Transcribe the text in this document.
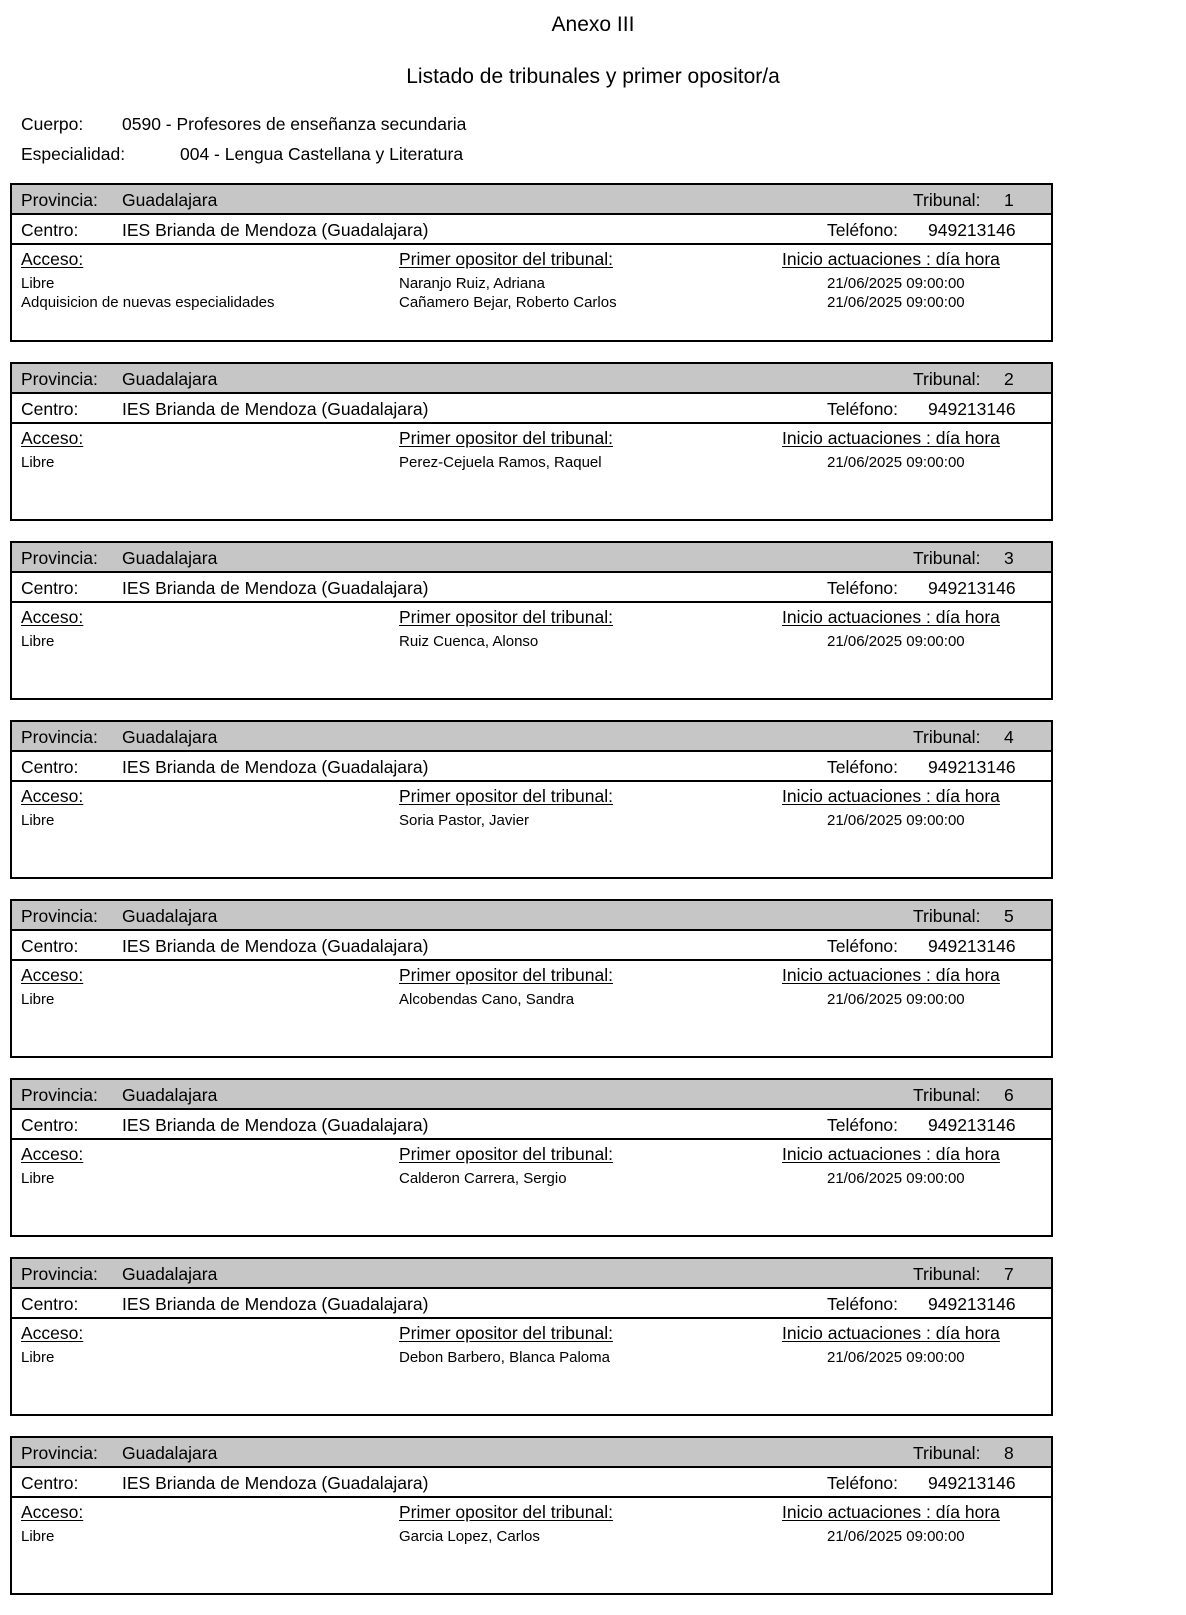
Anexo III
Listado de tribunales y primer opositor/a
Cuerpo: 0590 - Profesores de enseñanza secundaria
Especialidad:	004 - Lengua Castellana y Literatura
Provincia: Guadalajara	Tribunal: 1
Centro: IES Brianda de Mendoza (Guadalajara)	Teléfono: 949213146
Acceso:	Primer opositor del tribunal:	Inicio actuaciones : día hora
Libre	Naranjo Ruiz, Adriana	21/06/2025 09:00:00
Adquisicion de nuevas especialidades	Cañamero Bejar, Roberto Carlos	21/06/2025 09:00:00
Provincia: Guadalajara	Tribunal: 2
Centro: IES Brianda de Mendoza (Guadalajara)	Teléfono: 949213146
Acceso:	Primer opositor del tribunal:	Inicio actuaciones : día hora
Libre	Perez-Cejuela Ramos, Raquel	21/06/2025 09:00:00
Provincia: Guadalajara	Tribunal: 3
Centro: IES Brianda de Mendoza (Guadalajara)	Teléfono: 949213146
Acceso:	Primer opositor del tribunal:	Inicio actuaciones : día hora
Libre	Ruiz Cuenca, Alonso	21/06/2025 09:00:00
Provincia: Guadalajara	Tribunal: 4
Centro: IES Brianda de Mendoza (Guadalajara)	Teléfono: 949213146
Acceso:	Primer opositor del tribunal:	Inicio actuaciones : día hora
Libre	Soria Pastor, Javier	21/06/2025 09:00:00
Provincia: Guadalajara	Tribunal: 5
Centro: IES Brianda de Mendoza (Guadalajara)	Teléfono: 949213146
Acceso:	Primer opositor del tribunal:	Inicio actuaciones : día hora
Libre	Alcobendas Cano, Sandra	21/06/2025 09:00:00
Provincia: Guadalajara	Tribunal: 6
Centro: IES Brianda de Mendoza (Guadalajara)	Teléfono: 949213146
Acceso:	Primer opositor del tribunal:	Inicio actuaciones : día hora
Libre	Calderon Carrera, Sergio	21/06/2025 09:00:00
Provincia: Guadalajara	Tribunal: 7
Centro: IES Brianda de Mendoza (Guadalajara)	Teléfono: 949213146
Acceso:	Primer opositor del tribunal:	Inicio actuaciones : día hora
Libre	Debon Barbero, Blanca Paloma	21/06/2025 09:00:00
Provincia: Guadalajara	Tribunal: 8
Centro: IES Brianda de Mendoza (Guadalajara)	Teléfono: 949213146
Acceso:	Primer opositor del tribunal:	Inicio actuaciones : día hora
Libre	Garcia Lopez, Carlos	21/06/2025 09:00:00
